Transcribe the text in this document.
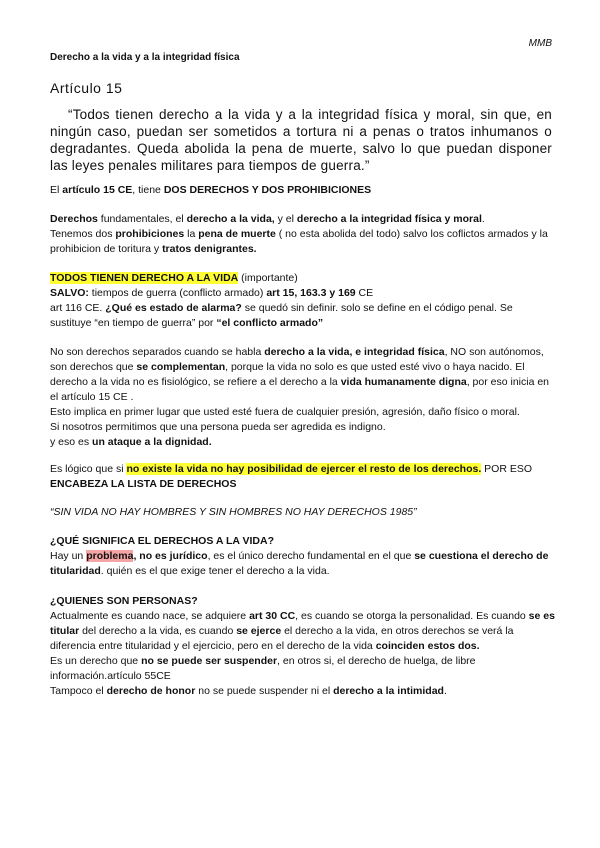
MMB
Derecho a la vida y a la integridad física
Artículo 15
“Todos tienen derecho a la vida y a la integridad física y moral, sin que, en ningún caso, puedan ser sometidos a tortura ni a penas o tratos inhumanos o degradantes. Queda abolida la pena de muerte, salvo lo que puedan disponer las leyes penales militares para tiempos de guerra.”
El artículo 15 CE, tiene DOS DERECHOS Y DOS PROHIBICIONES
Derechos fundamentales, el derecho a la vida, y el derecho a la integridad física y moral.
Tenemos dos prohibiciones la pena de muerte ( no esta abolida del todo) salvo los coflictos armados y la prohibicion de toritura y tratos denigrantes.
TODOS TIENEN DERECHO A LA VIDA (importante)
SALVO: tiempos de guerra (conflicto armado) art 15, 163.3 y 169 CE
art 116 CE. ¿Qué es estado de alarma? se quedó sin definir. solo se define en el código penal. Se sustituye “en tiempo de guerra” por “el conflicto armado”
No son derechos separados cuando se habla derecho a la vida, e integridad física, NO son autónomos, son derechos que se complementan, porque la vida no solo es que usted esté vivo o haya nacido. El derecho a la vida no es fisiológico, se refiere a el derecho a la vida humanamente digna, por eso inicia en el artículo 15 CE .
Esto implica en primer lugar que usted esté fuera de cualquier presión, agresión, daño físico o moral.
Si nosotros permitimos que una persona pueda ser agredida es indigno.
y eso es un ataque a la dignidad.
Es lógico que si no existe la vida no hay posibilidad de ejercer el resto de los derechos. POR ESO ENCABEZA LA LISTA DE DERECHOS
“SIN VIDA NO HAY HOMBRES Y SIN HOMBRES NO HAY DERECHOS 1985”
¿QUÉ SIGNIFICA EL DERECHOS A LA VIDA?
Hay un problema, no es jurídico, es el único derecho fundamental en el que se cuestiona el derecho de titularidad. quién es el que exige tener el derecho a la vida.
¿QUIENES SON PERSONAS?
Actualmente es cuando nace, se adquiere art 30 CC, es cuando se otorga la personalidad. Es cuando se es titular del derecho a la vida, es cuando se ejerce el derecho a la vida, en otros derechos se verá la diferencia entre titularidad y el ejercicio, pero en el derecho de la vida coinciden estos dos.
Es un derecho que no se puede ser suspender, en otros si, el derecho de huelga, de libre información.artículo 55CE
Tampoco el derecho de honor no se puede suspender ni el derecho a la intimidad.
